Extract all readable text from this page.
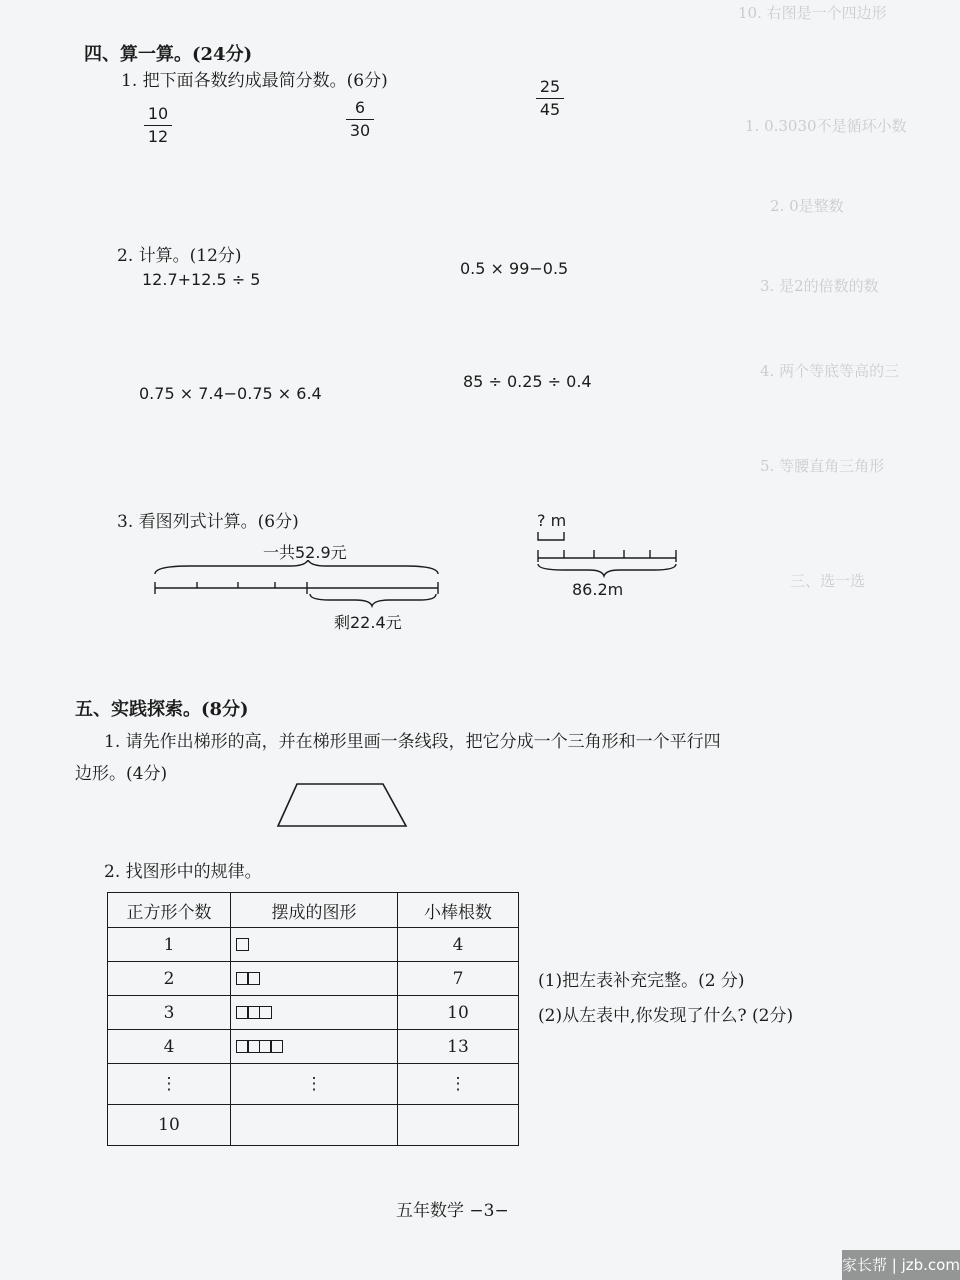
10. 右图是一个四边形
1. 0.3030不是循环小数
2. 0是整数
3. 是2的倍数的数
4. 两个等底等高的三
5. 等腰直角三角形
三、选一选
四、算一算。(24分)
1. 把下面各数约成最简分数。(6分)
$\frac{10}{12}$	$\frac{6}{30}$	$\frac{25}{45}$
2. 计算。(12分)
12.7+12.5 ÷ 5
0.5 × 99−0.5
0.75 × 7.4−0.75 × 6.4
85 ÷ 0.25 ÷ 0.4
3. 看图列式计算。(6分)
一共52.9元
剩22.4元
? m
86.2m
五、实践探索。(8分)
1. 请先作出梯形的高，并在梯形里画一条线段，把它分成一个三角形和一个平行四
边形。(4分)
2. 找图形中的规律。
正方形个数	摆成的图形	小棒根数
1		4
2		7
3		10
4		13
⋮	⋮	⋮
10		
(1)把左表补充完整。(2 分)
(2)从左表中,你发现了什么? (2分)
五年数学 −3−
家长帮 | jzb.com
